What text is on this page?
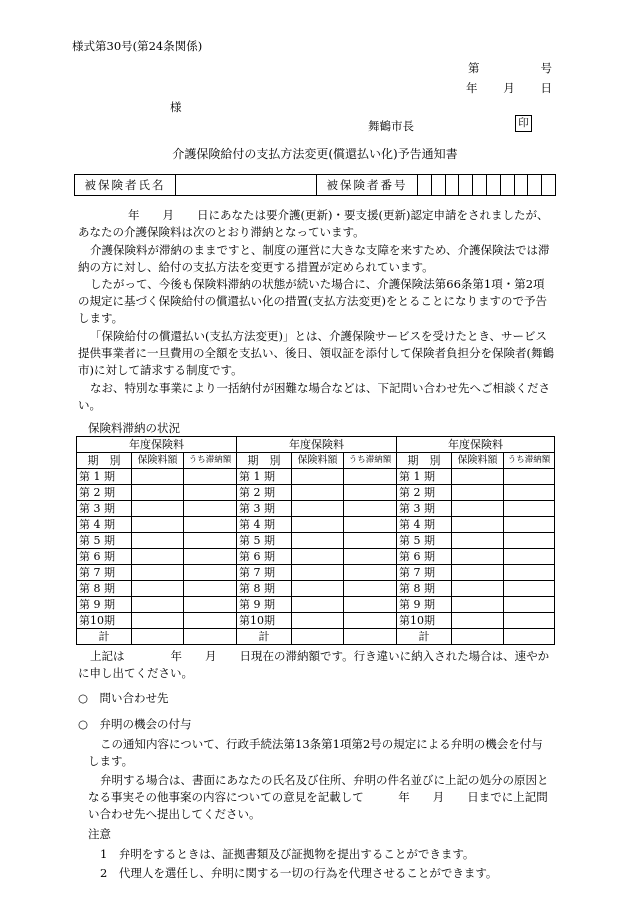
様式第30号(第24条関係)
第	号
年 月 日
様
舞鶴市長	印
介護保険給付の支払方法変更(償還払い化)予告通知書
被保険者氏名		被保険者番号										
年　　月　　日にあなたは要介護(更新)・要支援(更新)認定申請をされましたが、あなたの介護保険料は次のとおり滞納となっています。
介護保険料が滞納のままですと、制度の運営に大きな支障を来すため、介護保険法では滞納の方に対し、給付の支払方法を変更する措置が定められています。
したがって、今後も保険料滞納の状態が続いた場合に、介護保険法第66条第1項・第2項の規定に基づく保険給付の償還払い化の措置(支払方法変更)をとることになりますので予告します。
「保険給付の償還払い(支払方法変更)」とは、介護保険サービスを受けたとき、サービス提供事業者に一旦費用の全額を支払い、後日、領収証を添付して保険者負担分を保険者(舞鶴市)に対して請求する制度です。
なお、特別な事業により一括納付が困難な場合などは、下記問い合わせ先へご相談ください。
保険料滞納の状況
年度保険料			年度保険料			年度保険料		
期　別	保険料額	うち滞納額	期　別	保険料額	うち滞納額	期　別	保険料額	うち滞納額
第 1 期			第 1 期			第 1 期		
第 2 期			第 2 期			第 2 期		
第 3 期			第 3 期			第 3 期		
第 4 期			第 4 期			第 4 期		
第 5 期			第 5 期			第 5 期		
第 6 期			第 6 期			第 6 期		
第 7 期			第 7 期			第 7 期		
第 8 期			第 8 期			第 8 期		
第 9 期			第 9 期			第 9 期		
第10期			第10期			第10期		
計			計			計		
上記は　　　　年　　月　　日現在の滞納額です。行き違いに納入された場合は、速やかに申し出てください。
○　問い合わせ先
○　弁明の機会の付与
この通知内容について、行政手続法第13条第1項第2号の規定による弁明の機会を付与します。
弁明する場合は、書面にあなたの氏名及び住所、弁明の件名並びに上記の処分の原因となる事実その他事案の内容についての意見を記載して　　　年　　月　　日までに上記問い合わせ先へ提出してください。
注意
1　弁明をするときは、証拠書類及び証拠物を提出することができます。
2　代理人を選任し、弁明に関する一切の行為を代理させることができます。
